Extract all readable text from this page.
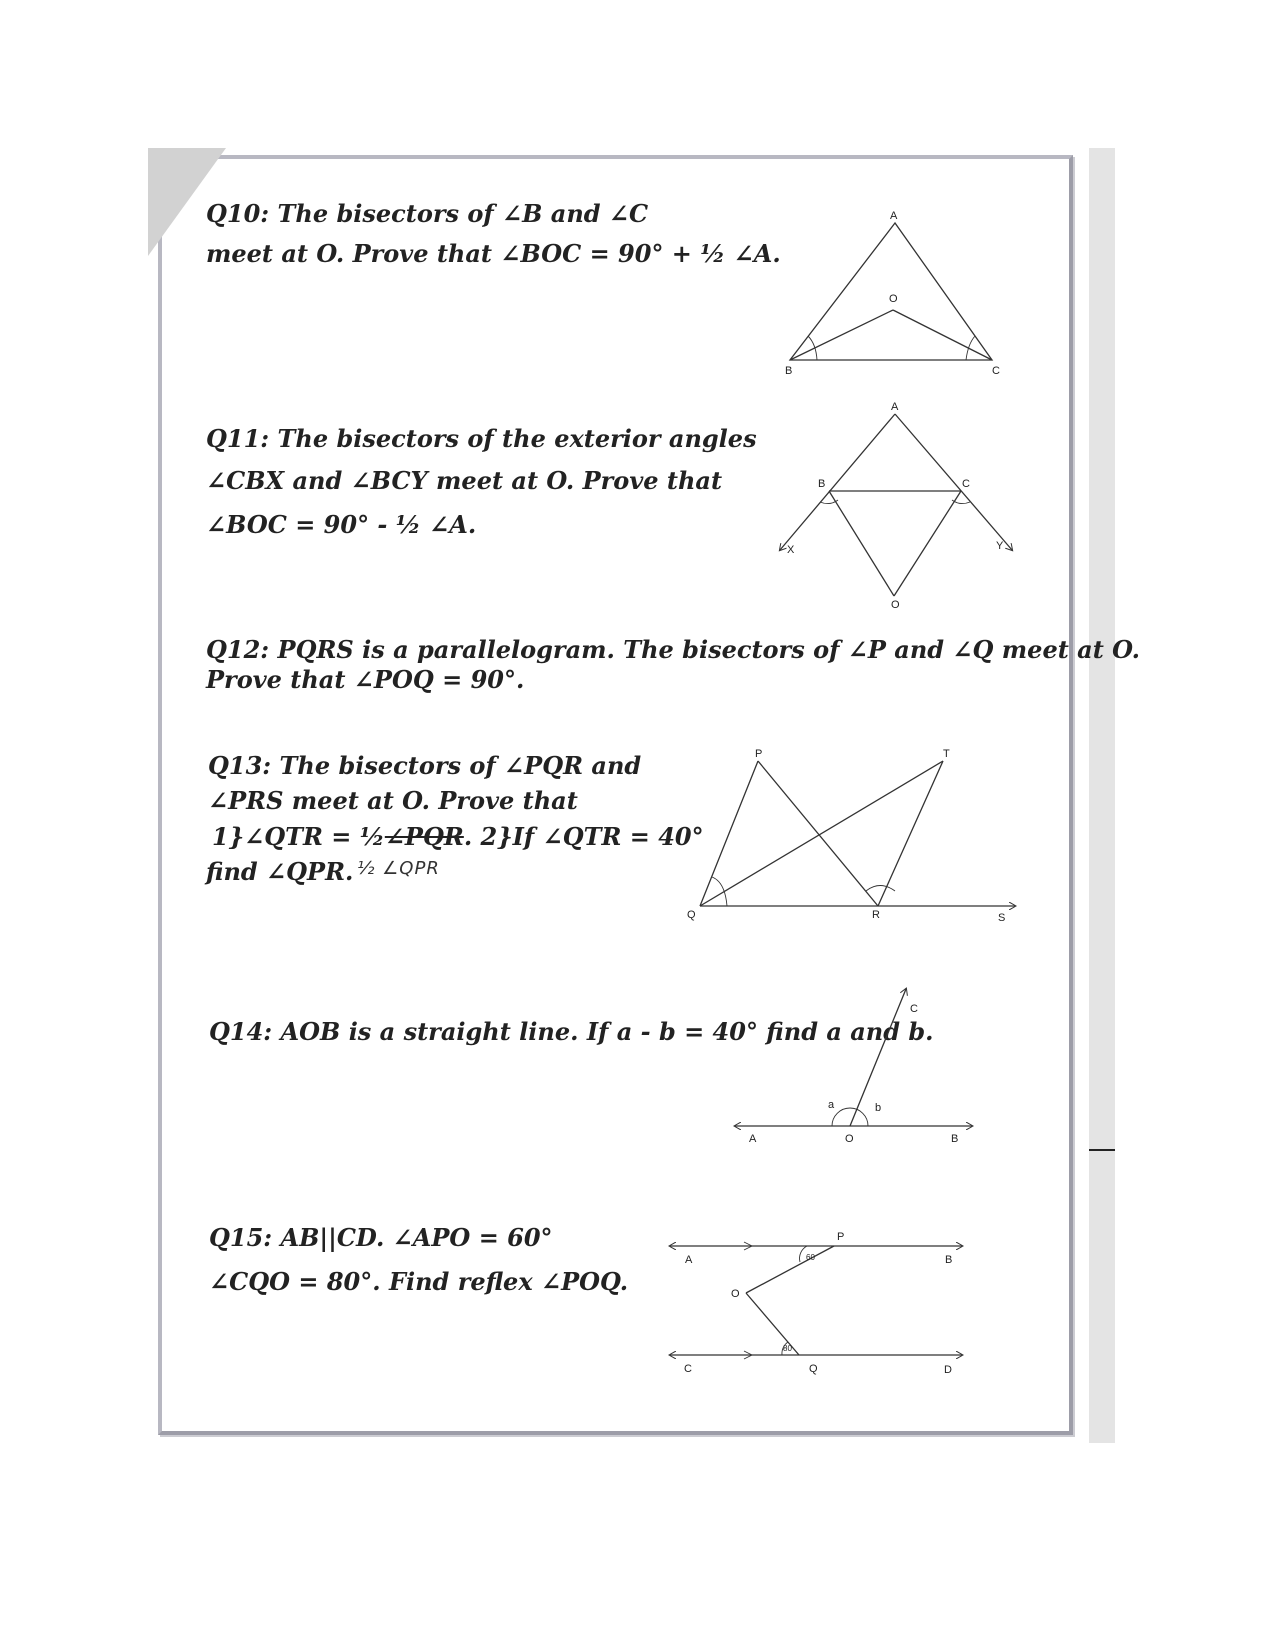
Q10: The bisectors of ∠B and ∠C
meet at O. Prove that ∠BOC = 90° + ½ ∠A.
Q11: The bisectors of the exterior angles
∠CBX and ∠BCY meet at O. Prove that
∠BOC = 90° - ½ ∠A.
Q12: PQRS is a parallelogram. The bisectors of ∠P and ∠Q meet at O.
Prove that ∠POQ = 90°.
Q13: The bisectors of ∠PQR and
∠PRS meet at O. Prove that
1}∠QTR = ½∠PQR. 2}If ∠QTR = 40°
find ∠QPR. ½ ∠QPR
Q14: AOB is a straight line. If a - b = 40° find a and b.
Q15: AB||CD. ∠APO = 60°
∠CQO = 80°. Find reflex ∠POQ.
A
O
B	C
A
B	C
X	Y
O
P	T
Q	R	S
C
a	b
A	O	B
P
A	B
60
O
80
C	Q	D
